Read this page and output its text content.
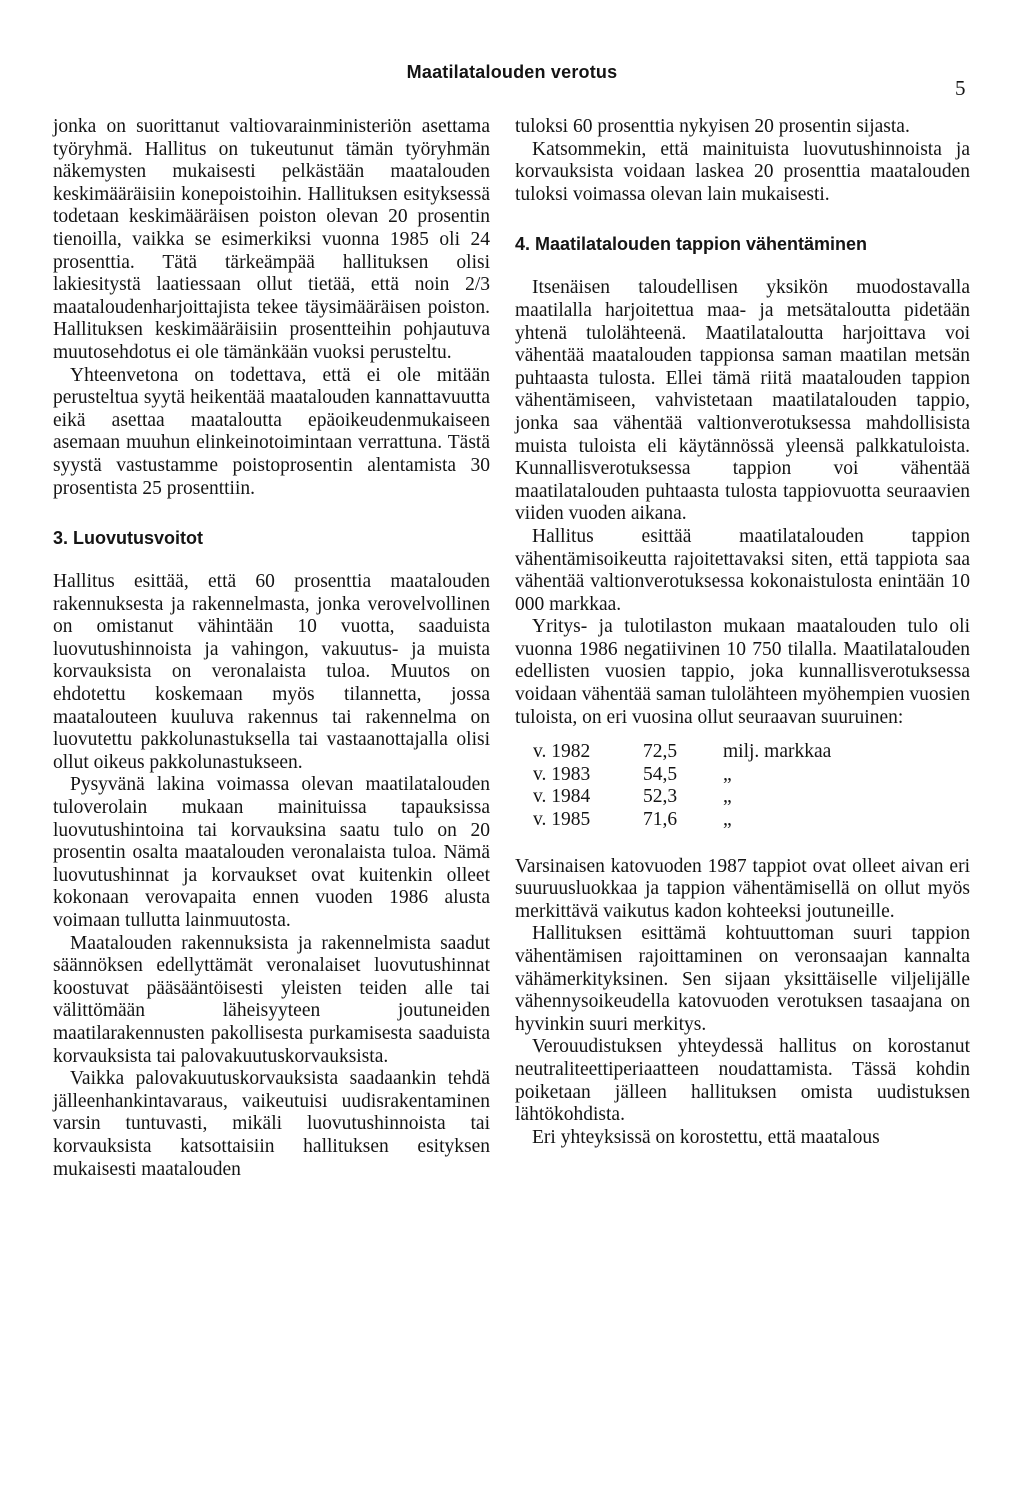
Maatilatalouden verotus
5

jonka on suorittanut valtiovarainministeriön asettama työryhmä. Hallitus on tukeutunut tämän työryhmän näkemysten mukaisesti pelkästään maatalouden keskimääräisiin konepoistoihin. Hallituksen esityksessä todetaan keskimääräisen poiston olevan 20 prosentin tienoilla, vaikka se esimerkiksi vuonna 1985 oli 24 prosenttia. Tätä tärkeämpää hallituksen olisi lakiesitystä laatiessaan ollut tietää, että noin 2/3 maataloudenharjoittajista tekee täysimääräisen poiston. Hallituksen keskimääräisiin prosentteihin pohjautuva muutosehdotus ei ole tämänkään vuoksi perusteltu.

Yhteenvetona on todettava, että ei ole mitään perusteltua syytä heikentää maatalouden kannattavuutta eikä asettaa maataloutta epäoikeudenmukaiseen asemaan muuhun elinkeinotoimintaan verrattuna. Tästä syystä vastustamme poistoprosentin alentamista 30 prosentista 25 prosenttiin.

3. Luovutusvoitot

Hallitus esittää, että 60 prosenttia maatalouden rakennuksesta ja rakennelmasta, jonka verovelvollinen on omistanut vähintään 10 vuotta, saaduista luovutushinnoista ja vahingon, vakuutus- ja muista korvauksista on veronalaista tuloa. Muutos on ehdotettu koskemaan myös tilannetta, jossa maataloutеen kuuluva rakennus tai rakennelma on luovutettu pakkolunastuksella tai vastaanottajalla olisi ollut oikeus pakkolunastukseen.

Pysyvänä lakina voimassa olevan maatilatalouden tuloverolain mukaan mainituissa tapauksissa luovutushintoina tai korvauksina saatu tulo on 20 prosentin osalta maatalouden veronalaista tuloa. Nämä luovutushinnat ja korvaukset ovat kuitenkin olleet kokonaan verovapaita ennen vuoden 1986 alusta voimaan tullutta lainmuutosta.

Maatalouden rakennuksista ja rakennelmista saadut säännöksen edellyttämät veronalaiset luovutushinnat koostuvat pääsääntöisesti yleisten teiden alle tai välittömään läheisyyteen joutuneiden maatilarakennusten pakollisesta purkamisesta saaduista korvauksista tai palovakuutuskorvauksista.

Vaikka palovakuutuskorvauksista saadaankin tehdä jälleenhankintavaraus, vaikeutuisi uudisrakentaminen varsin tuntuvasti, mikäli luovutushinnoista tai korvauksista katsottaisiin hallituksen esityksen mukaisesti maatalouden

tuloksi 60 prosenttia nykyisen 20 prosentin sijasta.

Katsommekin, että mainituista luovutushinnoista ja korvauksista voidaan laskea 20 prosenttia maatalouden tuloksi voimassa olevan lain mukaisesti.

4. Maatilatalouden tappion vähentäminen

Itsenäisen taloudellisen yksikön muodostavalla maatilalla harjoitettua maa- ja metsätaloutta pidetään yhtenä tulolähteenä. Maatilataloutta harjoittava voi vähentää maatalouden tappionsa saman maatilan metsän puhtaasta tulosta. Ellei tämä riitä maatalouden tappion vähentämiseen, vahvistetaan maatilatalouden tappio, jonka saa vähentää valtionverotuksessa mahdollisista muista tuloista eli käytännössä yleensä palkkatuloista. Kunnallisverotuksessa tappion voi vähentää maatilatalouden puhtaasta tulosta tappiovuotta seuraavien viiden vuoden aikana.

Hallitus esittää maatilatalouden tappion vähentämisoikeutta rajoitettavaksi siten, että tappiota saa vähentää valtionverotuksessa kokonaistulosta enintään 10 000 markkaa.

Yritys- ja tulotilaston mukaan maatalouden tulo oli vuonna 1986 negatiivinen 10 750 tilalla. Maatilatalouden edellisten vuosien tappio, joka kunnallisverotuksessa voidaan vähentää saman tulolähteen myöhempien vuosien tuloista, on eri vuosina ollut seuraavan suuruinen:

v. 1982	72,5	milj. markkaa
v. 1983	54,5	„
v. 1984	52,3	„
v. 1985	71,6	„

Varsinaisen katovuoden 1987 tappiot ovat olleet aivan eri suuruusluokkaa ja tappion vähentämisellä on ollut myös merkittävä vaikutus kadon kohteeksi joutuneille.

Hallituksen esittämä kohtuuttoman suuri tappion vähentämisen rajoittaminen on veronsaajan kannalta vähämerkityksinen. Sen sijaan yksittäiselle viljelijälle vähennysoikeudella katovuoden verotuksen tasaajana on hyvinkin suuri merkitys.

Verouudistuksen yhteydessä hallitus on korostanut neutraliteettiperiaatteen noudattamista. Tässä kohdin poiketaan jälleen hallituksen omista uudistuksen lähtökohdista.

Eri yhteyksissä on korostettu, että maatalous
